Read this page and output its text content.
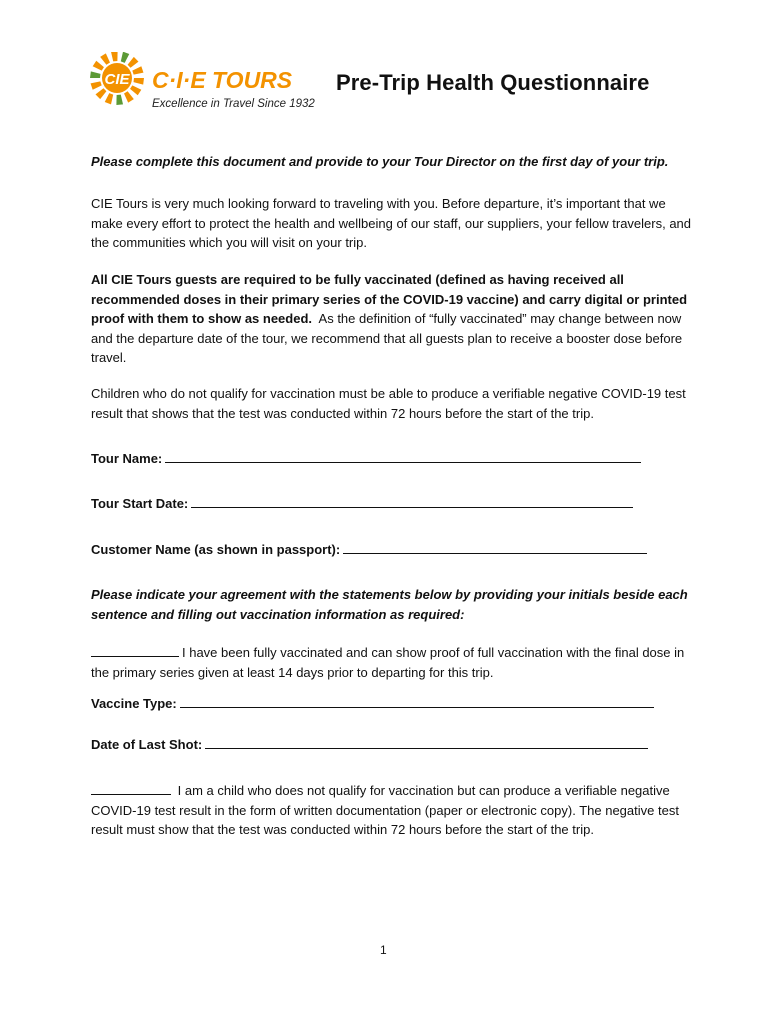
CIE C·I·E TOURS
Excellence in Travel Since 1932
Pre-Trip Health Questionnaire

Please complete this document and provide to your Tour Director on the first day of your trip.

CIE Tours is very much looking forward to traveling with you. Before departure, it’s important that we make every effort to protect the health and wellbeing of our staff, our suppliers, your fellow travelers, and the communities which you will visit on your trip.

All CIE Tours guests are required to be fully vaccinated (defined as having received all recommended doses in their primary series of the COVID-19 vaccine) and carry digital or printed proof with them to show as needed. As the definition of “fully vaccinated” may change between now and the departure date of the tour, we recommend that all guests plan to receive a booster dose before travel.

Children who do not qualify for vaccination must be able to produce a verifiable negative COVID-19 test result that shows that the test was conducted within 72 hours before the start of the trip.

Tour Name:
Tour Start Date:
Customer Name (as shown in passport):

Please indicate your agreement with the statements below by providing your initials beside each sentence and filling out vaccination information as required:

I have been fully vaccinated and can show proof of full vaccination with the final dose in the primary series given at least 14 days prior to departing for this trip.

Vaccine Type:
Date of Last Shot:

I am a child who does not qualify for vaccination but can produce a verifiable negative COVID-19 test result in the form of written documentation (paper or electronic copy). The negative test result must show that the test was conducted within 72 hours before the start of the trip.

1
